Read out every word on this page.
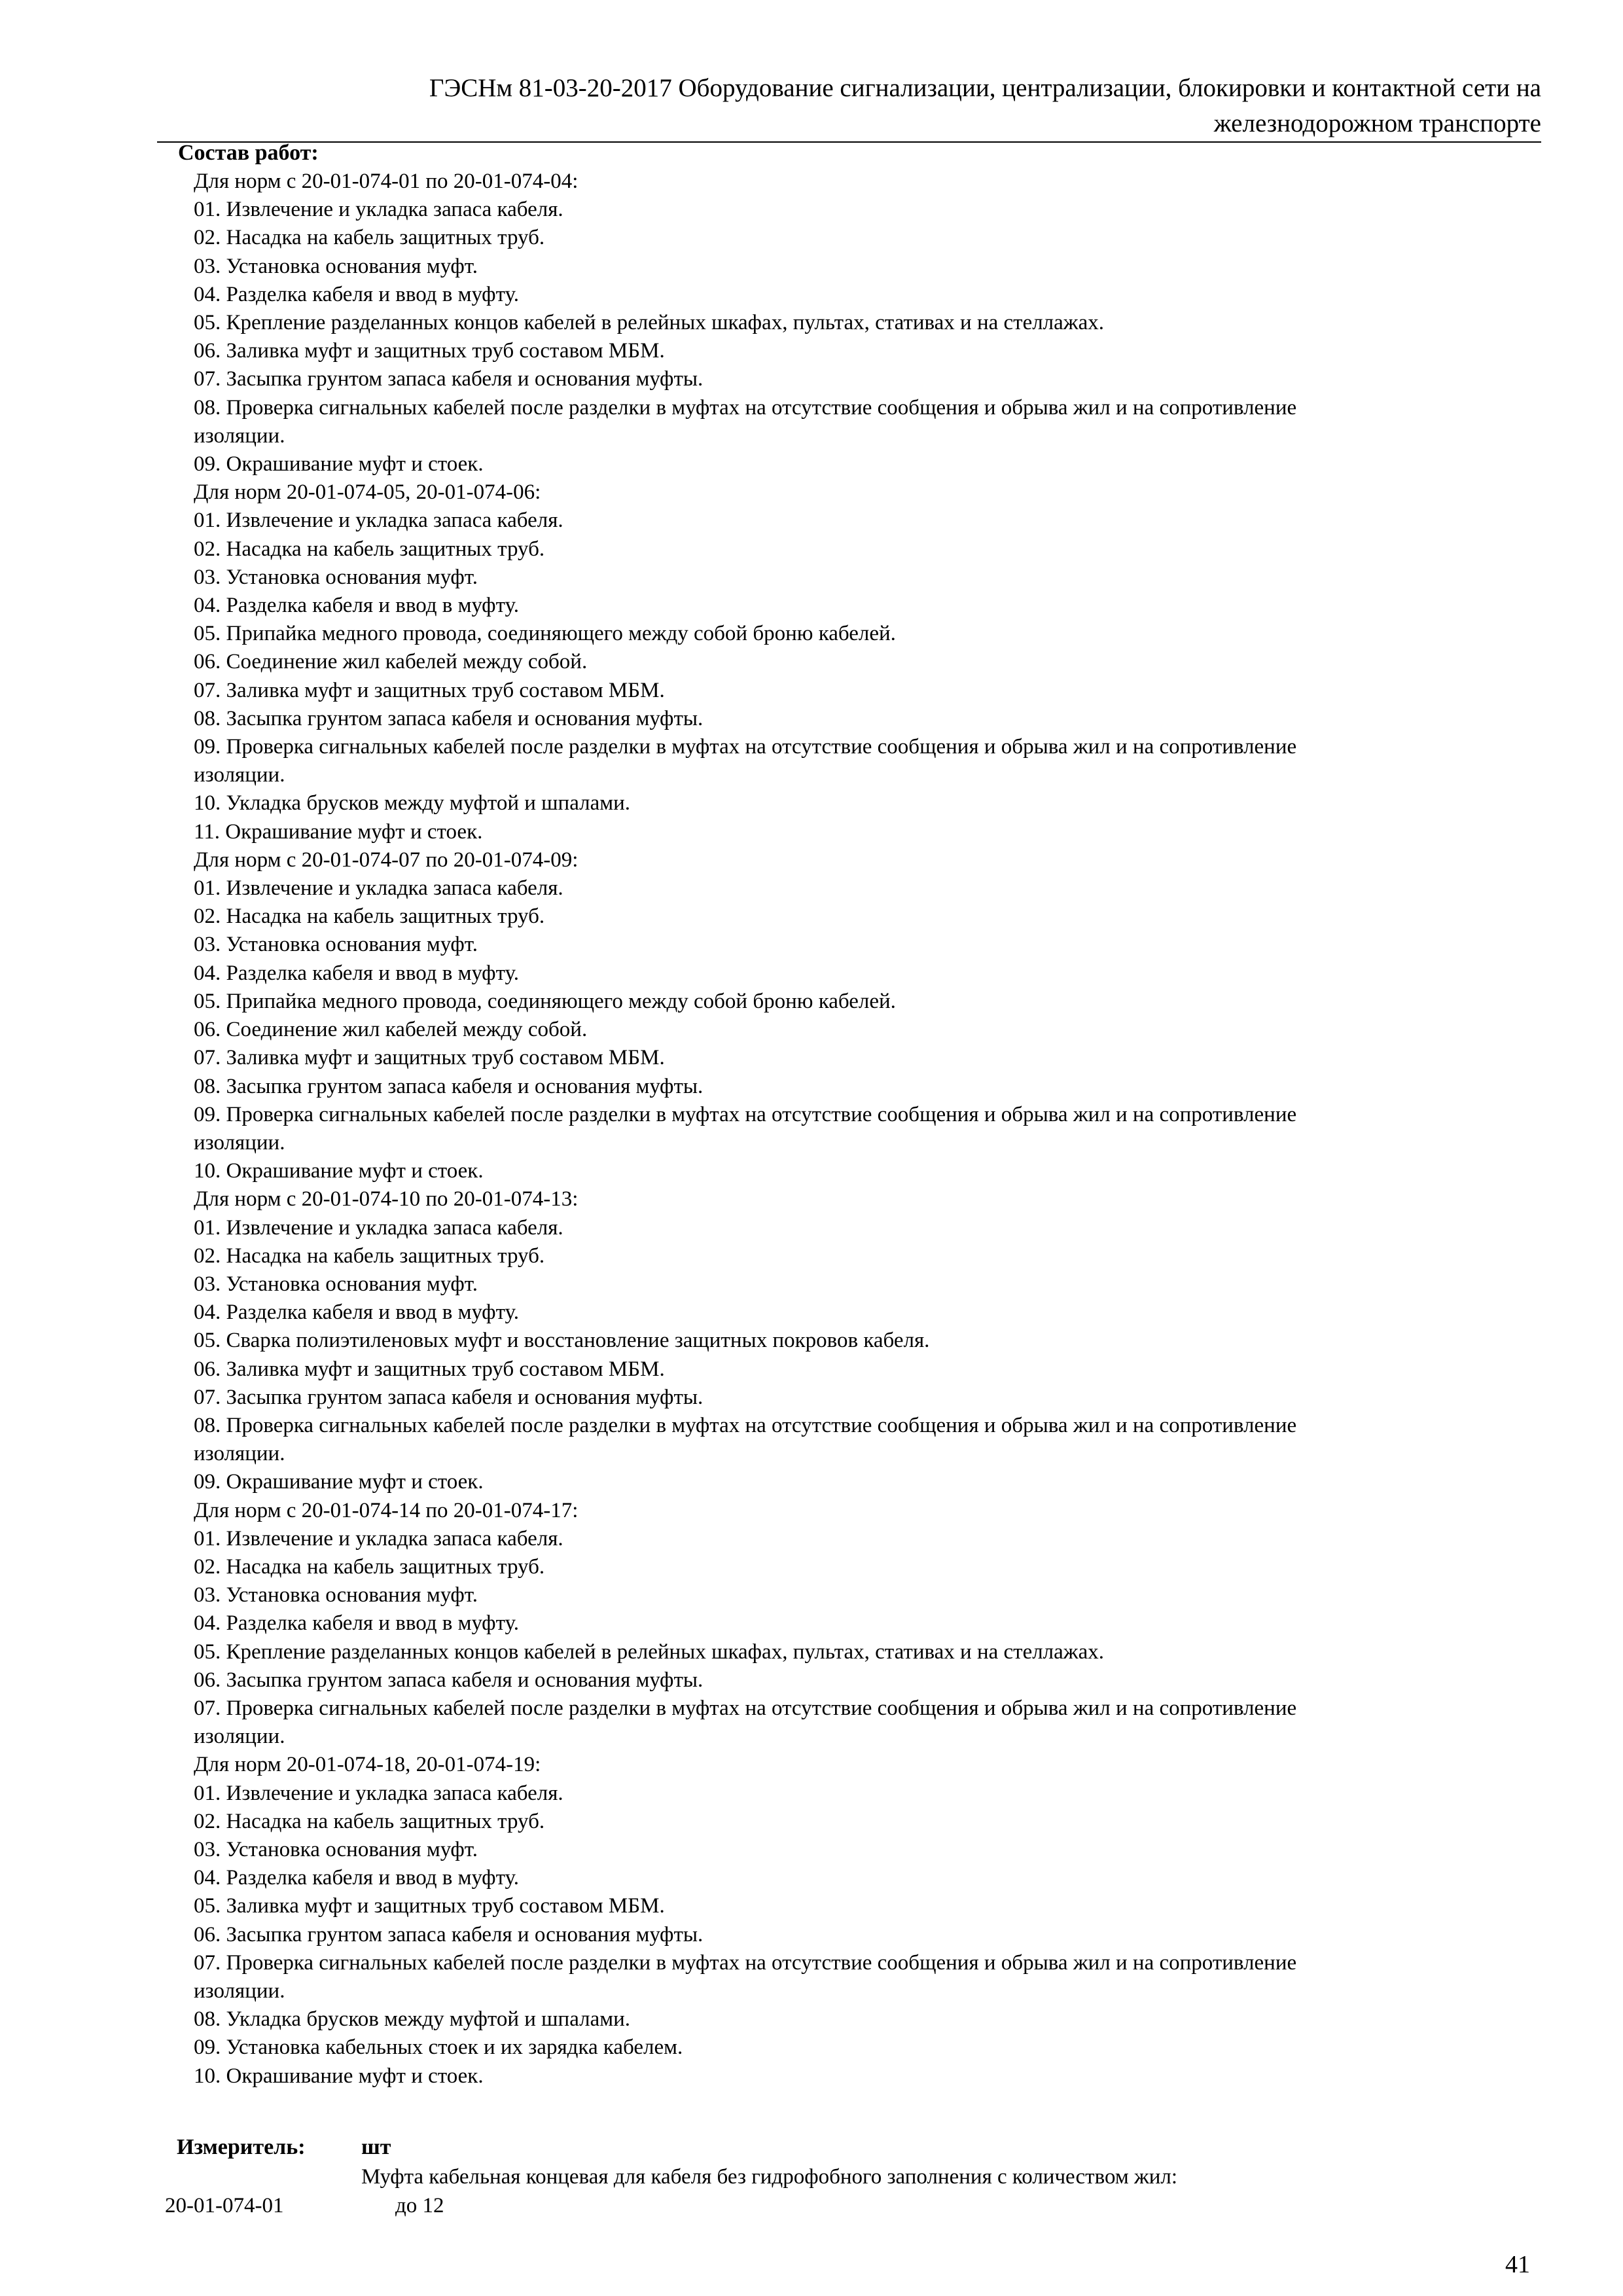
ГЭСНм 81-03-20-2017 Оборудование сигнализации, централизации, блокировки и контактной сети на
железнодорожном транспорте
Состав работ:
Для норм с 20-01-074-01 по 20-01-074-04:
01. Извлечение и укладка запаса кабеля.
02. Насадка на кабель защитных труб.
03. Установка основания муфт.
04. Разделка кабеля и ввод в муфту.
05. Крепление разделанных концов кабелей в релейных шкафах, пультах, стативах и на стеллажах.
06. Заливка муфт и защитных труб составом МБМ.
07. Засыпка грунтом запаса кабеля и основания муфты.
08. Проверка сигнальных кабелей после разделки в муфтах на отсутствие сообщения и обрыва жил и на сопротивление
изоляции.
09. Окрашивание муфт и стоек.
Для норм 20-01-074-05, 20-01-074-06:
01. Извлечение и укладка запаса кабеля.
02. Насадка на кабель защитных труб.
03. Установка основания муфт.
04. Разделка кабеля и ввод в муфту.
05. Припайка медного провода, соединяющего между собой броню кабелей.
06. Соединение жил кабелей между собой.
07. Заливка муфт и защитных труб составом МБМ.
08. Засыпка грунтом запаса кабеля и основания муфты.
09. Проверка сигнальных кабелей после разделки в муфтах на отсутствие сообщения и обрыва жил и на сопротивление
изоляции.
10. Укладка брусков между муфтой и шпалами.
11. Окрашивание муфт и стоек.
Для норм с 20-01-074-07 по 20-01-074-09:
01. Извлечение и укладка запаса кабеля.
02. Насадка на кабель защитных труб.
03. Установка основания муфт.
04. Разделка кабеля и ввод в муфту.
05. Припайка медного провода, соединяющего между собой броню кабелей.
06. Соединение жил кабелей между собой.
07. Заливка муфт и защитных труб составом МБМ.
08. Засыпка грунтом запаса кабеля и основания муфты.
09. Проверка сигнальных кабелей после разделки в муфтах на отсутствие сообщения и обрыва жил и на сопротивление
изоляции.
10. Окрашивание муфт и стоек.
Для норм с 20-01-074-10 по 20-01-074-13:
01. Извлечение и укладка запаса кабеля.
02. Насадка на кабель защитных труб.
03. Установка основания муфт.
04. Разделка кабеля и ввод в муфту.
05. Сварка полиэтиленовых муфт и восстановление защитных покровов кабеля.
06. Заливка муфт и защитных труб составом МБМ.
07. Засыпка грунтом запаса кабеля и основания муфты.
08. Проверка сигнальных кабелей после разделки в муфтах на отсутствие сообщения и обрыва жил и на сопротивление
изоляции.
09. Окрашивание муфт и стоек.
Для норм с 20-01-074-14 по 20-01-074-17:
01. Извлечение и укладка запаса кабеля.
02. Насадка на кабель защитных труб.
03. Установка основания муфт.
04. Разделка кабеля и ввод в муфту.
05. Крепление разделанных концов кабелей в релейных шкафах, пультах, стативах и на стеллажах.
06. Засыпка грунтом запаса кабеля и основания муфты.
07. Проверка сигнальных кабелей после разделки в муфтах на отсутствие сообщения и обрыва жил и на сопротивление
изоляции.
Для норм 20-01-074-18, 20-01-074-19:
01. Извлечение и укладка запаса кабеля.
02. Насадка на кабель защитных труб.
03. Установка основания муфт.
04. Разделка кабеля и ввод в муфту.
05. Заливка муфт и защитных труб составом МБМ.
06. Засыпка грунтом запаса кабеля и основания муфты.
07. Проверка сигнальных кабелей после разделки в муфтах на отсутствие сообщения и обрыва жил и на сопротивление
изоляции.
08. Укладка брусков между муфтой и шпалами.
09. Установка кабельных стоек и их зарядка кабелем.
10. Окрашивание муфт и стоек.
Измеритель:	шт
Муфта кабельная концевая для кабеля без гидрофобного заполнения с количеством жил:
20-01-074-01	до 12
41
